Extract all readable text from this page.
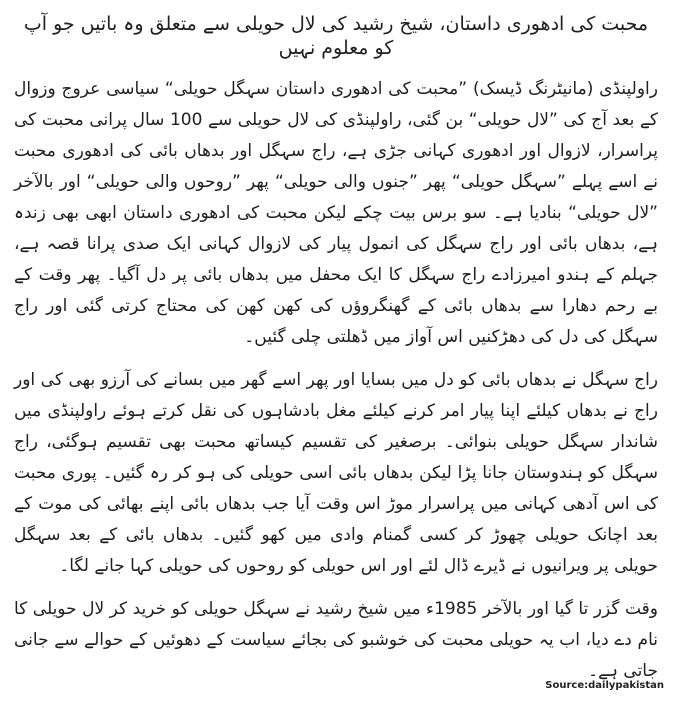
محبت کی ادھوری داستان، شیخ رشید کی لال حویلی سے متعلق وہ باتیں جو آپ کو معلوم نہیں

راولپنڈی (مانیٹرنگ ڈیسک) ”محبت کی ادھوری داستان سہگل حویلی“ سیاسی عروج وزوال کے بعد آج کی ”لال حویلی“ بن گئی، راولپنڈی کی لال حویلی سے 100 سال پرانی محبت کی پراسرار، لازوال اور ادھوری کہانی جڑی ہے، راج سہگل اور بدھاں بائی کی ادھوری محبت نے اسے پہلے ”سہگل حویلی“ پھر ”جنوں والی حویلی“ پھر ”روحوں والی حویلی“ اور بالآخر ”لال حویلی“ بنادیا ہے۔ سو برس بیت چکے لیکن محبت کی ادھوری داستان ابھی بھی زندہ ہے، بدھاں بائی اور راج سہگل کی انمول پیار کی لازوال کہانی ایک صدی پرانا قصہ ہے، جہلم کے ہندو امیرزادے راج سہگل کا ایک محفل میں بدھاں بائی پر دل آگیا۔ پھر وقت کے بے رحم دھارا سے بدھاں بائی کے گھنگروؤں کی کھن کھن کی محتاج کرتی گئی اور راج سہگل کی دل کی دھڑکنیں اس آواز میں ڈھلتی چلی گئیں۔

راج سہگل نے بدھاں بائی کو دل میں بسایا اور پھر اسے گھر میں بسانے کی آرزو بھی کی اور راج نے بدھاں کیلئے اپنا پیار امر کرنے کیلئے مغل بادشاہوں کی نقل کرتے ہوئے راولپنڈی میں شاندار سہگل حویلی بنوائی۔ برصغیر کی تقسیم کیساتھ محبت بھی تقسیم ہوگئی، راج سہگل کو ہندوستان جانا پڑا لیکن بدھاں بائی اسی حویلی کی ہو کر رہ گئیں۔ پوری محبت کی اس آدھی کہانی میں پراسرار موڑ اس وقت آیا جب بدھاں بائی اپنے بھائی کی موت کے بعد اچانک حویلی چھوڑ کر کسی گمنام وادی میں کھو گئیں۔ بدھاں بائی کے بعد سہگل حویلی پر ویرانیوں نے ڈیرے ڈال لئے اور اس حویلی کو روحوں کی حویلی کہا جانے لگا۔

وقت گزر تا گیا اور بالآخر 1985ء میں شیخ رشید نے سہگل حویلی کو خرید کر لال حویلی کا نام دے دیا، اب یہ حویلی محبت کی خوشبو کی بجائے سیاست کے دھوئیں کے حوالے سے جانی جاتی ہے۔

Source:dailypakistan
